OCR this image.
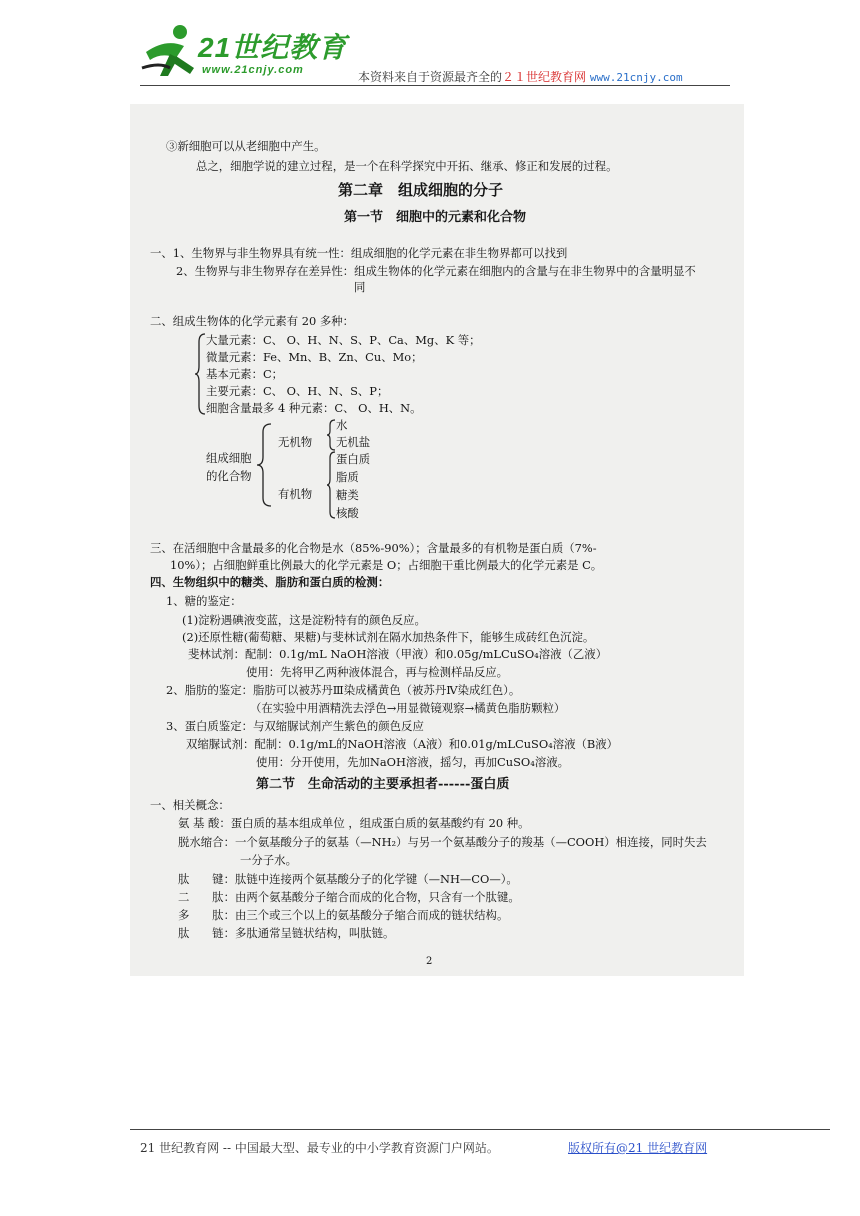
21世纪教育
www.21cnjy.com	本资料来自于资源最齐全的２１世纪教育网 www.21cnjy.com
③新细胞可以从老细胞中产生。
总之，细胞学说的建立过程，是一个在科学探究中开拓、继承、修正和发展的过程。
第二章　组成细胞的分子
第一节　细胞中的元素和化合物
一、1、生物界与非生物界具有统一性：组成细胞的化学元素在非生物界都可以找到
2、生物界与非生物界存在差异性：组成生物体的化学元素在细胞内的含量与在非生物界中的含量明显不
同
二、组成生物体的化学元素有 20 多种：
大量元素：C、 O、H、N、S、P、Ca、Mg、K 等；
微量元素：Fe、Mn、B、Zn、Cu、Mo；
基本元素：C；
主要元素：C、 O、H、N、S、P；
细胞含量最多 4 种元素：C、 O、H、N。
组成细胞
的化合物
无机物
水
无机盐
有机物
蛋白质
脂质
糖类
核酸
三、在活细胞中含量最多的化合物是水（85%-90%）；含量最多的有机物是蛋白质（7%-
10%）；占细胞鲜重比例最大的化学元素是 O；占细胞干重比例最大的化学元素是 C。
四、生物组织中的糖类、脂肪和蛋白质的检测：
1、糖的鉴定：
(1)淀粉遇碘液变蓝，这是淀粉特有的颜色反应。
(2)还原性糖(葡萄糖、果糖)与斐林试剂在隔水加热条件下，能够生成砖红色沉淀。
斐林试剂：配制：0.1g/mL NaOH溶液（甲液）和0.05g/mLCuSO₄溶液（乙液）
使用：先将甲乙两种液体混合，再与检测样品反应。
2、脂肪的鉴定：脂肪可以被苏丹Ⅲ染成橘黄色（被苏丹Ⅳ染成红色）。
（在实验中用酒精洗去浮色→用显微镜观察→橘黄色脂肪颗粒）
3、蛋白质鉴定：与双缩脲试剂产生紫色的颜色反应
双缩脲试剂：配制：0.1g/mL的NaOH溶液（A液）和0.01g/mLCuSO₄溶液（B液）
使用：分开使用，先加NaOH溶液，摇匀，再加CuSO₄溶液。
第二节　生命活动的主要承担者------蛋白质
一、相关概念：
氨 基 酸：蛋白质的基本组成单位 ，组成蛋白质的氨基酸约有 20 种。
脱水缩合：一个氨基酸分子的氨基（—NH₂）与另一个氨基酸分子的羧基（—COOH）相连接，同时失去
一分子水。
肽　　键：肽链中连接两个氨基酸分子的化学键（—NH—CO—）。
二　　肽：由两个氨基酸分子缩合而成的化合物，只含有一个肽键。
多　　肽：由三个或三个以上的氨基酸分子缩合而成的链状结构。
肽　　链：多肽通常呈链状结构，叫肽链。
2
21 世纪教育网 -- 中国最大型、最专业的中小学教育资源门户网站。	版权所有@21 世纪教育网
